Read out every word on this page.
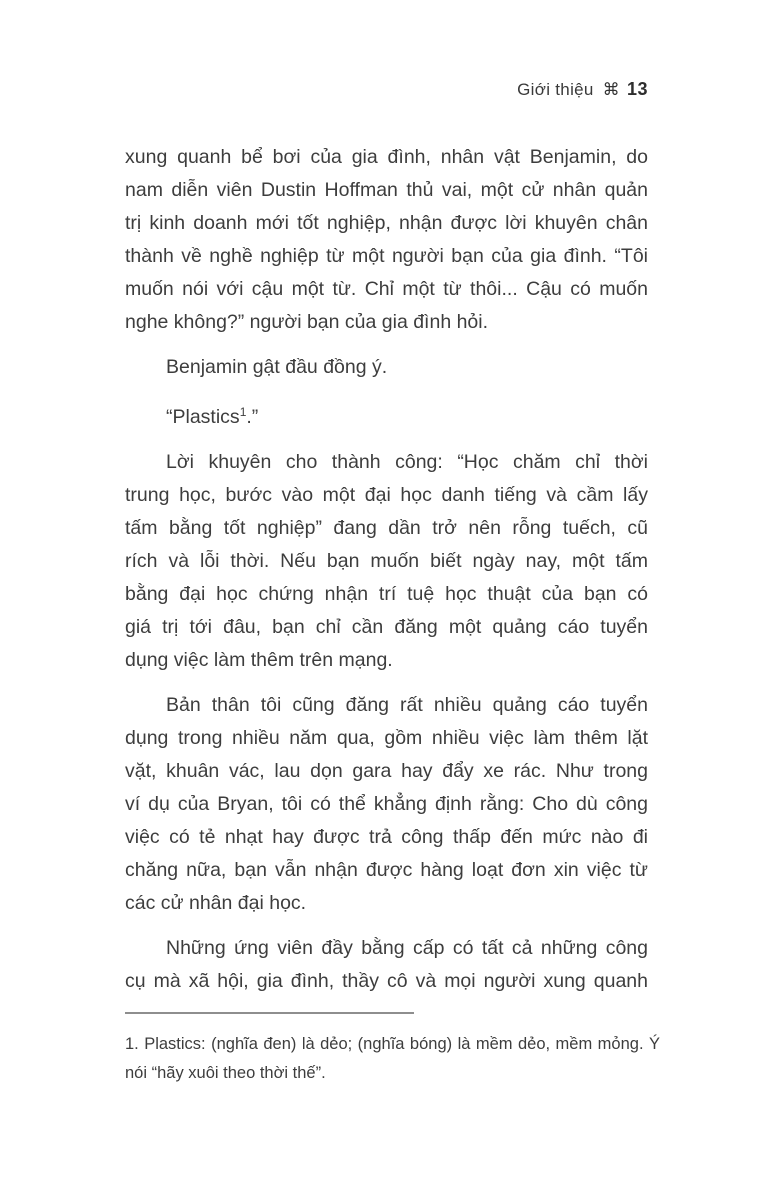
Giới thiệu ⌘ 13
xung quanh bể bơi của gia đình, nhân vật Benjamin, do
nam diễn viên Dustin Hoffman thủ vai, một cử nhân quản
trị kinh doanh mới tốt nghiệp, nhận được lời khuyên chân
thành về nghề nghiệp từ một người bạn của gia đình. “Tôi
muốn nói với cậu một từ. Chỉ một từ thôi... Cậu có muốn
nghe không?” người bạn của gia đình hỏi.
Benjamin gật đầu đồng ý.
“Plastics$^1$.”
Lời khuyên cho thành công: “Học chăm chỉ thời
trung học, bước vào một đại học danh tiếng và cầm lấy
tấm bằng tốt nghiệp” đang dần trở nên rỗng tuếch, cũ
rích và lỗi thời. Nếu bạn muốn biết ngày nay, một tấm
bằng đại học chứng nhận trí tuệ học thuật của bạn có
giá trị tới đâu, bạn chỉ cần đăng một quảng cáo tuyển
dụng việc làm thêm trên mạng.
Bản thân tôi cũng đăng rất nhiều quảng cáo tuyển
dụng trong nhiều năm qua, gồm nhiều việc làm thêm lặt
vặt, khuân vác, lau dọn gara hay đẩy xe rác. Như trong
ví dụ của Bryan, tôi có thể khẳng định rằng: Cho dù công
việc có tẻ nhạt hay được trả công thấp đến mức nào đi
chăng nữa, bạn vẫn nhận được hàng loạt đơn xin việc từ
các cử nhân đại học.
Những ứng viên đầy bằng cấp có tất cả những công
cụ mà xã hội, gia đình, thầy cô và mọi người xung quanh
1. Plastics: (nghĩa đen) là dẻo; (nghĩa bóng) là mềm dẻo, mềm mỏng. Ý
nói “hãy xuôi theo thời thế”.
